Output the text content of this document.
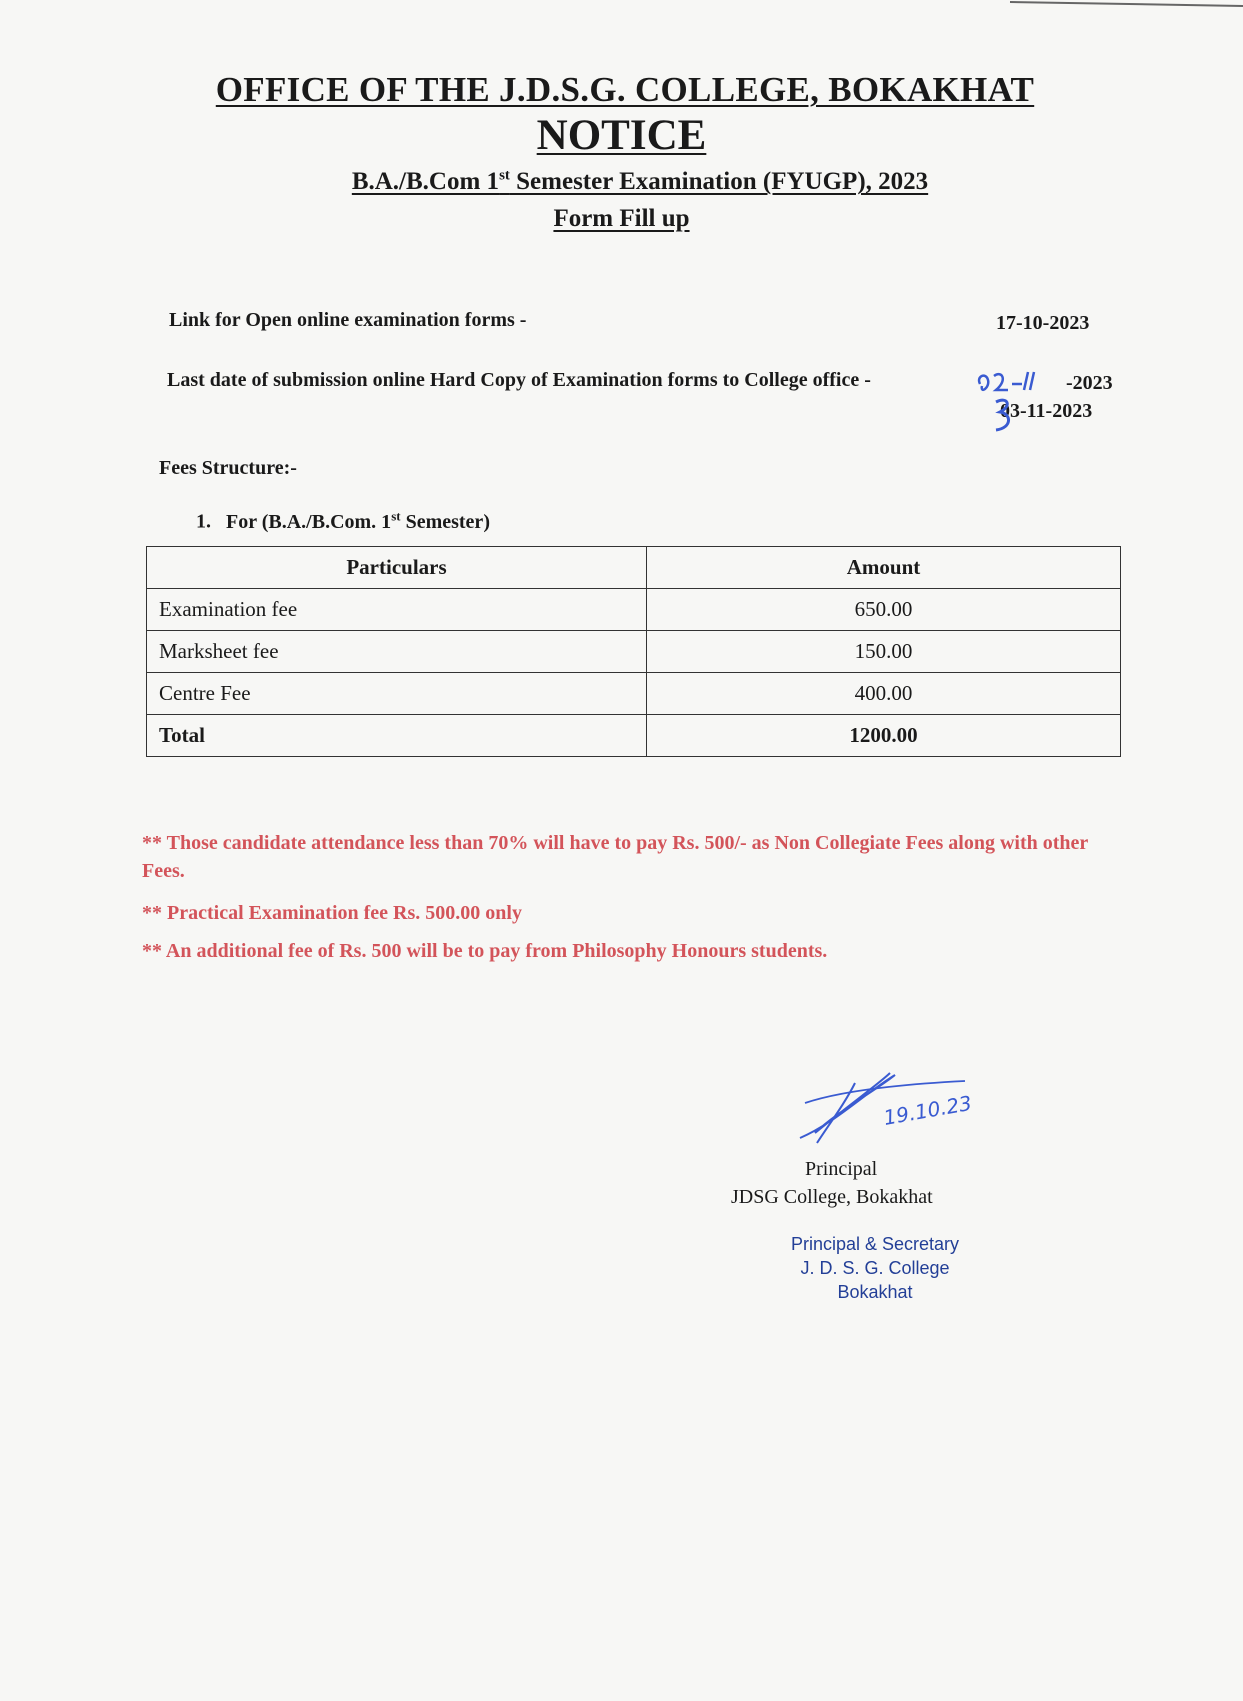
OFFICE OF THE J.D.S.G. COLLEGE, BOKAKHAT
NOTICE
B.A./B.Com 1st Semester Examination (FYUGP), 2023
Form Fill up
Link for Open online examination forms -	17-10-2023
Last date of submission online Hard Copy of Examination forms to College office -	-2023
03-11-2023
Fees Structure:-
1. For (B.A./B.Com. 1st Semester)
Particulars	Amount
Examination fee	650.00
Marksheet fee	150.00
Centre Fee	400.00
Total	1200.00

** Those candidate attendance less than 70% will have to pay Rs. 500/- as Non Collegiate Fees along with other Fees.

** Practical Examination fee Rs. 500.00 only

** An additional fee of Rs. 500 will be to pay from Philosophy Honours students.

19.10.23
Principal
JDSG College, Bokakhat
Principal & Secretary
J. D. S. G. College
Bokakhat
